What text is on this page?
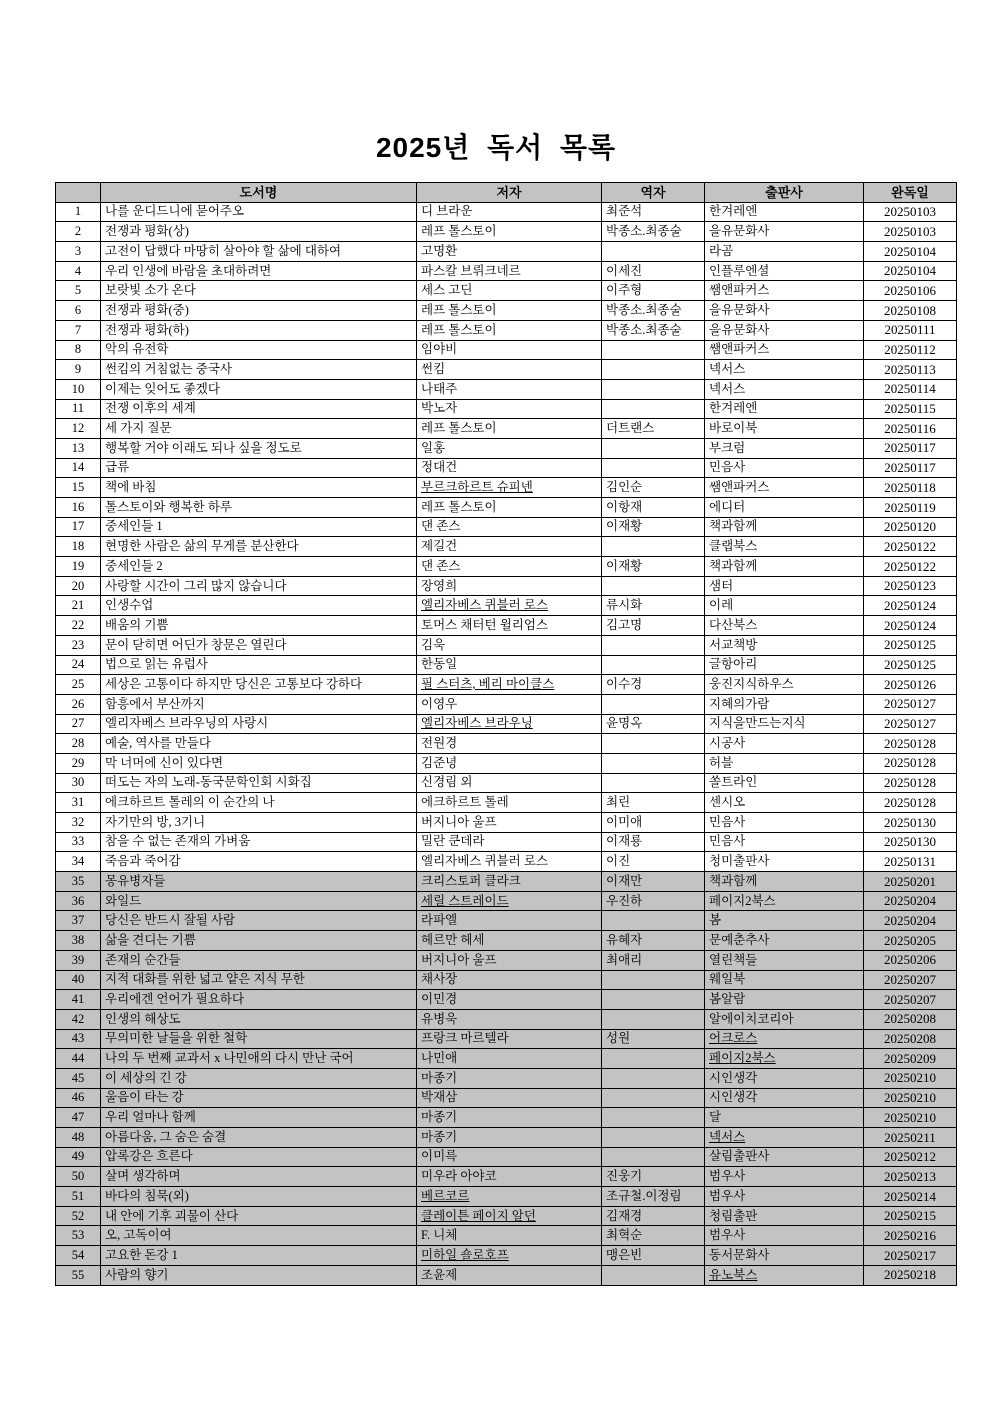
2025년 독서 목록
	도서명	저자	역자	출판사	완독일
1	나를 운디드니에 묻어주오	디 브라운	최준석	한겨레엔	20250103
2	전쟁과 평화(상)	레프 톨스토이	박종소.최종술	을유문화사	20250103
3	고전이 답했다 마땅히 살아야 할 삶에 대하여	고명환		라곰	20250104
4	우리 인생에 바람을 초대하려면	파스칼 브뤼크네르	이세진	인플루엔셜	20250104
5	보랏빛 소가 온다	세스 고딘	이주형	쌤앤파커스	20250106
6	전쟁과 평화(중)	레프 톨스토이	박종소.최종술	을유문화사	20250108
7	전쟁과 평화(하)	레프 톨스토이	박종소.최종술	을유문화사	20250111
8	악의 유전학	임야비		쌤앤파커스	20250112
9	썬킴의 거침없는 중국사	썬킴		넥서스	20250113
10	이제는 잊어도 좋겠다	나태주		넥서스	20250114
11	전쟁 이후의 세계	박노자		한겨레엔	20250115
12	세 가지 질문	레프 톨스토이	더트랜스	바로이북	20250116
13	행복할 거야 이래도 되나 싶을 정도로	일홍		부크럼	20250117
14	급류	정대건		민음사	20250117
15	책에 바침	부르크하르트 슈피넨	김인순	쌤앤파커스	20250118
16	톨스토이와 행복한 하루	레프 톨스토이	이항재	에디터	20250119
17	중세인들 1	댄 존스	이재황	책과함께	20250120
18	현명한 사람은 삶의 무게를 분산한다	제길건		클랩북스	20250122
19	중세인들 2	댄 존스	이재황	책과함께	20250122
20	사랑할 시간이 그리 많지 않습니다	장영희		샘터	20250123
21	인생수업	엘리자베스 퀴블러 로스	류시화	이레	20250124
22	배움의 기쁨	토머스 채터턴 윌리엄스	김고명	다산북스	20250124
23	문이 닫히면 어딘가 창문은 열린다	김욱		서교책방	20250125
24	법으로 읽는 유럽사	한동일		글항아리	20250125
25	세상은 고통이다 하지만 당신은 고통보다 강하다	필 스터츠, 베리 마이클스	이수경	웅진지식하우스	20250126
26	함흥에서 부산까지	이영우		지혜의가람	20250127
27	엘리자베스 브라우닝의 사랑시	엘리자베스 브라우닝	윤명옥	지식을만드는지식	20250127
28	예술, 역사를 만들다	전원경		시공사	20250128
29	막 너머에 신이 있다면	김준녕		허블	20250128
30	떠도는 자의 노래-동국문학인회 시화집	신경림 외		쏠트라인	20250128
31	에크하르트 톨레의 이 순간의 나	에크하르트 톨레	최린	센시오	20250128
32	자기만의 방, 3기니	버지니아 울프	이미애	민음사	20250130
33	참을 수 없는 존재의 가벼움	밀란 쿤데라	이재룡	민음사	20250130
34	죽음과 죽어감	엘리자베스 퀴블러 로스	이진	청미출판사	20250131
35	몽유병자들	크리스토퍼 클라크	이재만	책과함께	20250201
36	와일드	세릴 스트레이드	우진하	페이지2북스	20250204
37	당신은 반드시 잘될 사람	라파엘		봄	20250204
38	삶을 견디는 기쁨	헤르만 헤세	유혜자	문예춘추사	20250205
39	존재의 순간들	버지니아 울프	최애리	열린책들	20250206
40	지적 대화를 위한 넓고 얕은 지식 무한	채사장		웨일북	20250207
41	우리에겐 언어가 필요하다	이민경		봄알람	20250207
42	인생의 해상도	유병욱		알에이치코리아	20250208
43	무의미한 날들을 위한 철학	프랑크 마르텔라	성원	어크로스	20250208
44	나의 두 번째 교과서 x 나민애의 다시 만난 국어	나민애		페이지2북스	20250209
45	이 세상의 긴 강	마종기		시인생각	20250210
46	울음이 타는 강	박재삼		시인생각	20250210
47	우리 얼마나 함께	마종기		달	20250210
48	아름다움, 그 숨은 숨결	마종기		넥서스	20250211
49	압록강은 흐른다	이미륵		살림출판사	20250212
50	살며 생각하며	미우라 아야코	진웅기	범우사	20250213
51	바다의 침묵(외)	베르코르	조규철.이정림	범우사	20250214
52	내 안에 기후 괴물이 산다	클레이튼 페이지 알던	김재경	청림출판	20250215
53	오, 고독이여	F. 니체	최혁순	범우사	20250216
54	고요한 돈강 1	미하일 숄로호프	맹은빈	동서문화사	20250217
55	사람의 향기	조윤제		유노북스	20250218
